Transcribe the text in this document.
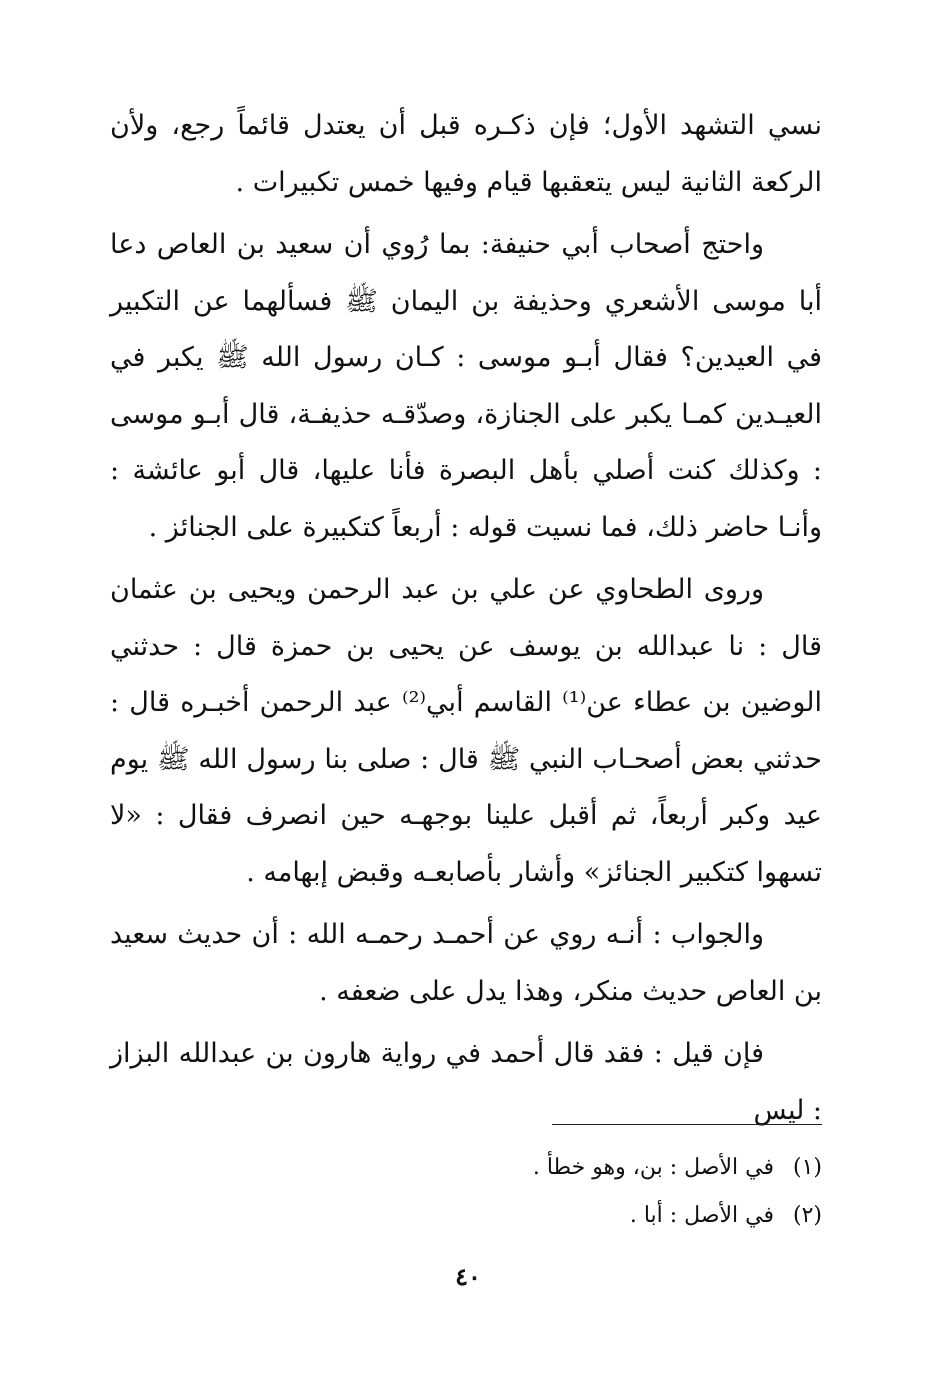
نسي التشهد الأول؛ فإن ذكـره قبل أن يعتدل قائماً رجع، ولأن الركعة الثانية ليس يتعقبها قيام وفيها خمس تكبيرات .

واحتج أصحاب أبي حنيفة: بما رُوي أن سعيد بن العاص دعا أبا موسى الأشعري وحذيفة بن اليمان ﷺ فسألهما عن التكبير في العيدين؟ فقال أبـو موسى : كـان رسول الله ﷺ يكبر في العيـدين كمـا يكبر على الجنازة، وصدّقـه حذيفـة، قال أبـو موسى : وكذلك كنت أصلي بأهل البصرة فأنا عليها، قال أبو عائشة : وأنـا حاضر ذلك، فما نسيت قوله : أربعاً كتكبيرة على الجنائز .

وروى الطحاوي عن علي بن عبد الرحمن ويحيى بن عثمان قال : نا عبدالله بن يوسف عن يحيى بن حمزة قال : حدثني الوضين بن عطاء عن⁽¹⁾ القاسم أبي⁽²⁾ عبد الرحمن أخبـره قال : حدثني بعض أصحـاب النبي ﷺ قال : صلى بنا رسول الله ﷺ يوم عيد وكبر أربعاً، ثم أقبل علينا بوجهـه حين انصرف فقال : «لا تسهوا كتكبير الجنائز» وأشار بأصابعـه وقبض إبهامه .

والجواب : أنـه روي عن أحمـد رحمـه الله : أن حديث سعيد بن العاص حديث منكر، وهذا يدل على ضعفه .

فإن قيل : فقد قال أحمد في رواية هارون بن عبدالله البزاز : ليس

(١)في الأصل : بن، وهو خطأ .

(٢)في الأصل : أبا .

٤٠
